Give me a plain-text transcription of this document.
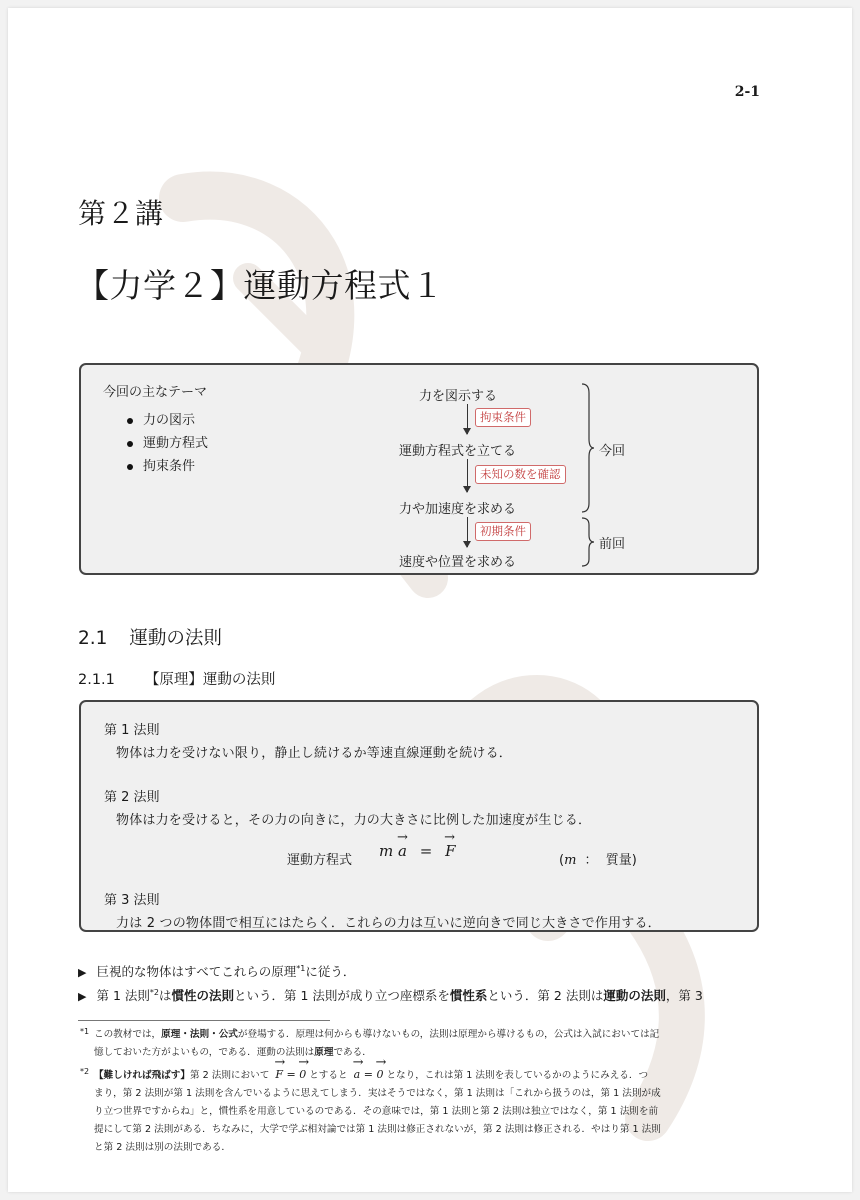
2-1
第２講
【力学２】運動方程式１
今回の主なテーマ
力の図示
運動方程式
拘束条件
力を図示する
拘束条件
運動方程式を立てる
未知の数を確認
力や加速度を求める
初期条件
速度や位置を求める
今回
前回
2.1 運動の法則
2.1.1 【原理】運動の法則
第 1 法則
物体は力を受けない限り，静止し続けるか等速直線運動を続ける．
第 2 法則
物体は力を受けると，その力の向きに，力の大きさに比例した加速度が生じる．
運動方程式
m → a = → F
(m ： 質量)
第 3 法則
力は 2 つの物体間で相互にはたらく．これらの力は互いに逆向きで同じ大きさで作用する．
▶ 巨視的な物体はすべてこれらの原理$^{*1}$に従う．
▶ 第 1 法則$^{*2}$は慣性の法則という．第 1 法則が成り立つ座標系を慣性系という．第 2 法則は運動の法則，第 3
*1 この教材では，原理・法則・公式が登場する．原理は何からも導けないもの，法則は原理から導けるもの，公式は入試においては記
憶しておいた方がよいもの，である．運動の法則は原理である．
*2 【難しければ飛ばす】第 2 法則において → F = → 0 とすると → a = → 0 となり，これは第 1 法則を表しているかのようにみえる．つ
まり，第 2 法則が第 1 法則を含んでいるように思えてしまう．実はそうではなく，第 1 法則は「これから扱うのは，第 1 法則が成
り立つ世界ですからね」と，慣性系を用意しているのである．その意味では，第 1 法則と第 2 法則は独立ではなく，第 1 法則を前
提にして第 2 法則がある．ちなみに，大学で学ぶ相対論では第 1 法則は修正されないが，第 2 法則は修正される．やはり第 1 法則
と第 2 法則は別の法則である．
